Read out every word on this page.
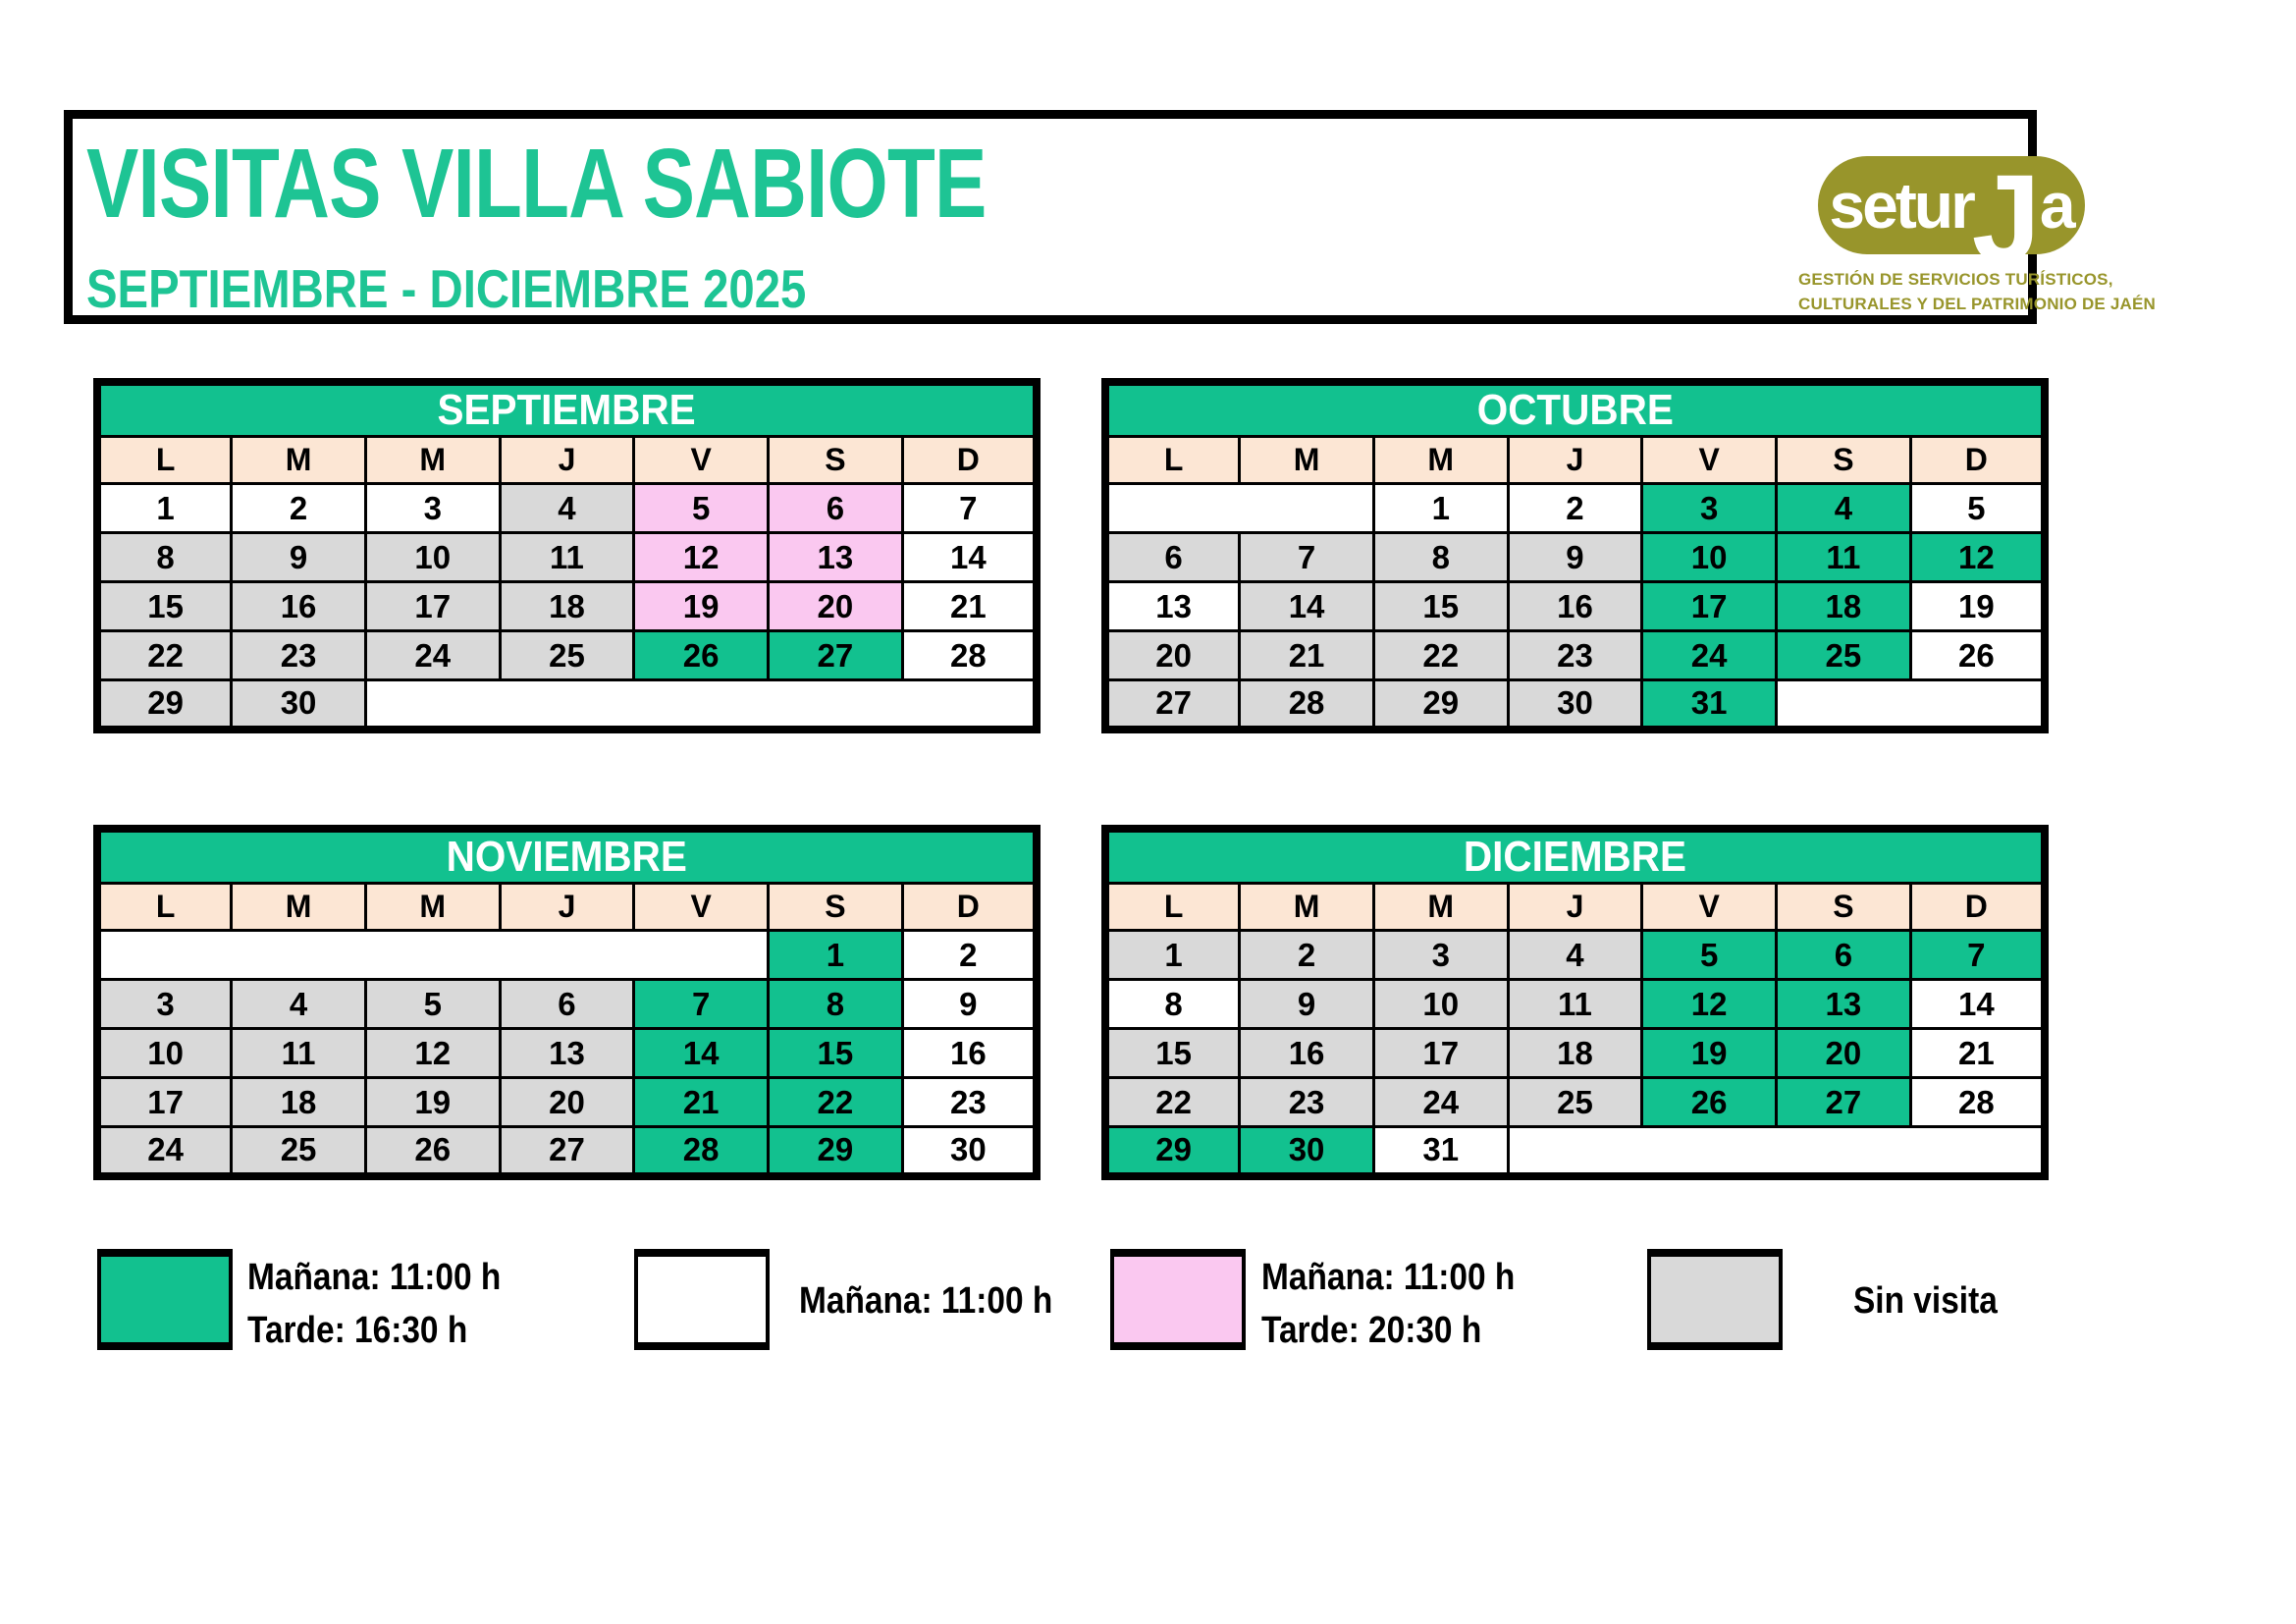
VISITAS VILLA SABIOTE
SEPTIEMBRE - DICIEMBRE 2025
setur J a
GESTIÓN DE SERVICIOS TURÍSTICOS,
CULTURALES Y DEL PATRIMONIO DE JAÉN
SEPTIEMBRE						
L	M	M	J	V	S	D
1	2	3	4	5	6	7
8	9	10	11	12	13	14
15	16	17	18	19	20	21
22	23	24	25	26	27	28
29	30					
OCTUBRE						
L	M	M	J	V	S	D
		1	2	3	4	5
6	7	8	9	10	11	12
13	14	15	16	17	18	19
20	21	22	23	24	25	26
27	28	29	30	31		
NOVIEMBRE						
L	M	M	J	V	S	D
					1	2
3	4	5	6	7	8	9
10	11	12	13	14	15	16
17	18	19	20	21	22	23
24	25	26	27	28	29	30
DICIEMBRE						
L	M	M	J	V	S	D
1	2	3	4	5	6	7
8	9	10	11	12	13	14
15	16	17	18	19	20	21
22	23	24	25	26	27	28
29	30	31				
Mañana: 11:00 h
Tarde: 16:30 h
Mañana: 11:00 h
Mañana: 11:00 h
Tarde: 20:30 h
Sin visita
